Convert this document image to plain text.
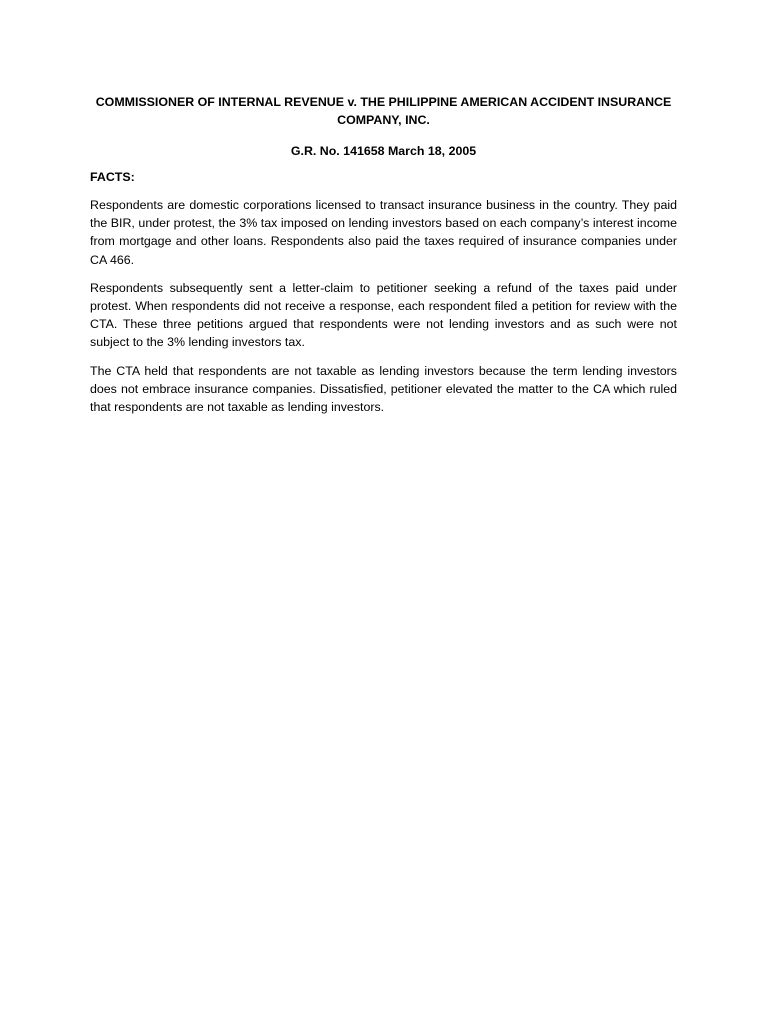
COMMISSIONER OF INTERNAL REVENUE v. THE PHILIPPINE AMERICAN ACCIDENT INSURANCE COMPANY, INC.

G.R. No. 141658 March 18, 2005

FACTS:

Respondents are domestic corporations licensed to transact insurance business in the country. They paid the BIR, under protest, the 3% tax imposed on lending investors based on each company’s interest income from mortgage and other loans. Respondents also paid the taxes required of insurance companies under CA 466.

Respondents subsequently sent a letter-claim to petitioner seeking a refund of the taxes paid under protest. When respondents did not receive a response, each respondent filed a petition for review with the CTA. These three petitions argued that respondents were not lending investors and as such were not subject to the 3% lending investors tax.

The CTA held that respondents are not taxable as lending investors because the term lending investors does not embrace insurance companies. Dissatisfied, petitioner elevated the matter to the CA which ruled that respondents are not taxable as lending investors.
